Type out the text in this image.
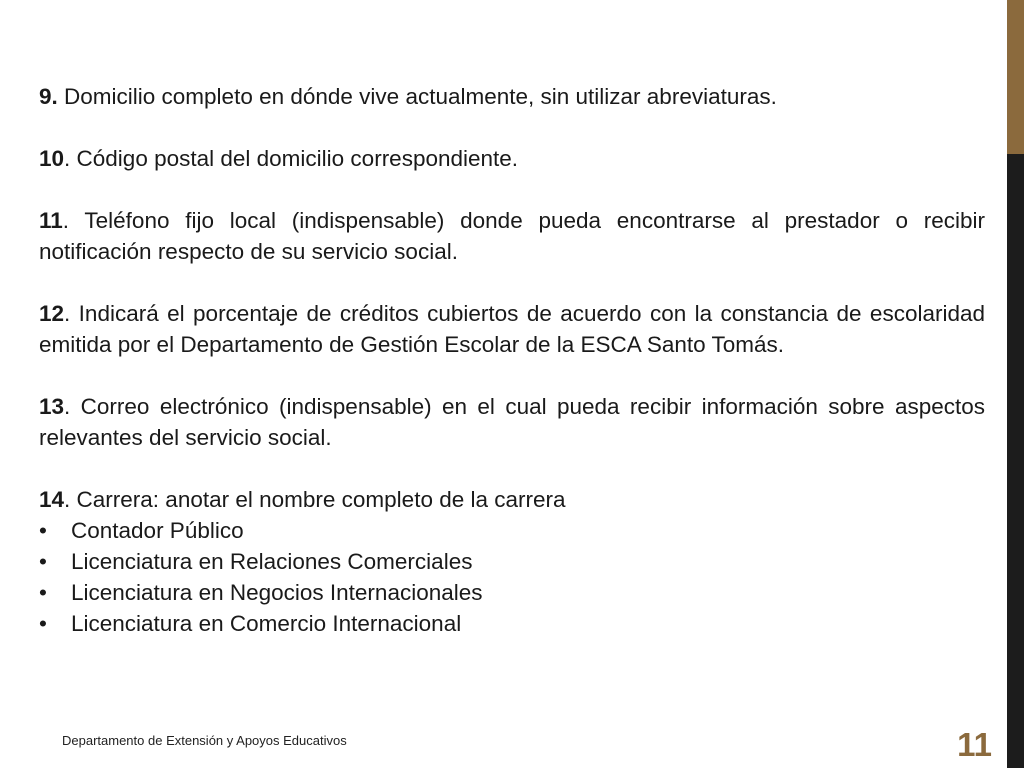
9. Domicilio completo en dónde vive actualmente, sin utilizar abreviaturas.

10. Código postal del domicilio correspondiente.

11. Teléfono fijo local (indispensable) donde pueda encontrarse al prestador o recibir notificación respecto de su servicio social.

12. Indicará el porcentaje de créditos cubiertos de acuerdo con la constancia de escolaridad emitida por el Departamento de Gestión Escolar de la ESCA Santo Tomás.

13. Correo electrónico (indispensable) en el cual pueda recibir información sobre aspectos relevantes del servicio social.

14. Carrera: anotar el nombre completo de la carrera

• Contador Público
• Licenciatura en Relaciones Comerciales
• Licenciatura en Negocios Internacionales
• Licenciatura en Comercio Internacional
Departamento de Extensión y Apoyos Educativos	11
